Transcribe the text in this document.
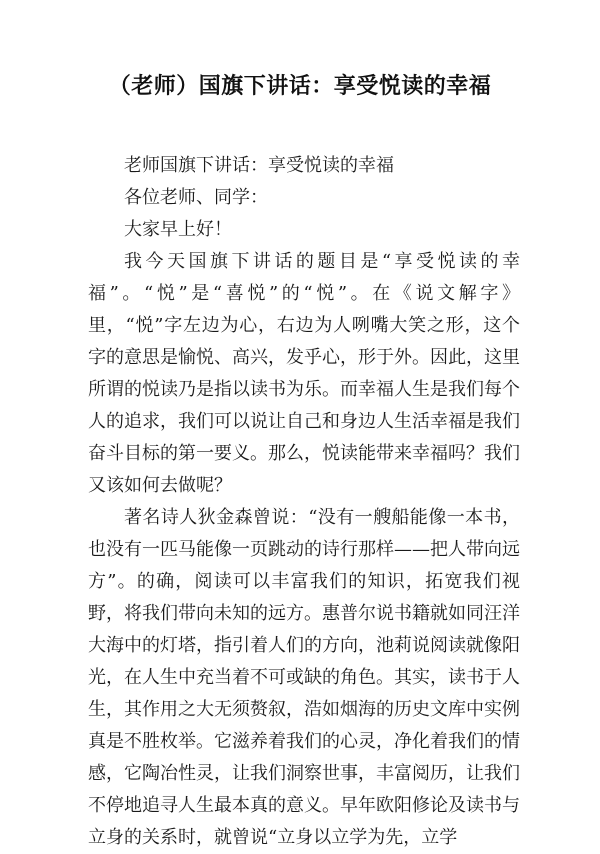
（老师）国旗下讲话：享受悦读的幸福

老师国旗下讲话：享受悦读的幸福

各位老师、同学：

大家早上好！

我今天国旗下讲话的题目是“享受悦读的幸福”。“悦”是“喜悦”的“悦”。在《说文解字》里，“悦”字左边为心，右边为人咧嘴大笑之形，这个字的意思是愉悦、高兴，发乎心，形于外。因此，这里所谓的悦读乃是指以读书为乐。而幸福人生是我们每个人的追求，我们可以说让自己和身边人生活幸福是我们奋斗目标的第一要义。那么，悦读能带来幸福吗？我们又该如何去做呢？

著名诗人狄金森曾说：“没有一艘船能像一本书，也没有一匹马能像一页跳动的诗行那样——把人带向远方”。的确，阅读可以丰富我们的知识，拓宽我们视野，将我们带向未知的远方。惠普尔说书籍就如同汪洋大海中的灯塔，指引着人们的方向，池莉说阅读就像阳光，在人生中充当着不可或缺的角色。其实，读书于人生，其作用之大无须赘叙，浩如烟海的历史文库中实例真是不胜枚举。它滋养着我们的心灵，净化着我们的情感，它陶冶性灵，让我们洞察世事，丰富阅历，让我们不停地追寻人生最本真的意义。早年欧阳修论及读书与立身的关系时，就曾说“立身以立学为先，立学
